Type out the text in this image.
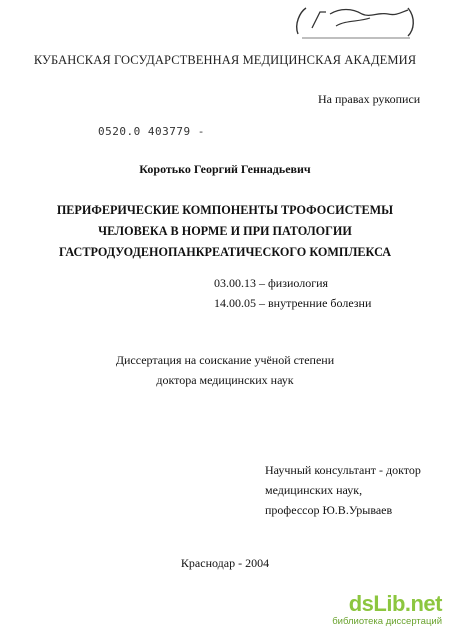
КУБАНСКАЯ ГОСУДАРСТВЕННАЯ МЕДИЦИНСКАЯ АКАДЕМИЯ
На правах рукописи
0520.0 403779 -
Коротько Георгий Геннадьевич
ПЕРИФЕРИЧЕСКИЕ КОМПОНЕНТЫ ТРОФОСИСТЕМЫ
ЧЕЛОВЕКА В НОРМЕ И ПРИ ПАТОЛОГИИ
ГАСТРОДУОДЕНОПАНКРЕАТИЧЕСКОГО КОМПЛЕКСА
03.00.13 – физиология
14.00.05 – внутренние болезни
Диссертация на соискание учёной степени
доктора медицинских наук
Научный консультант - доктор
медицинских наук,
профессор Ю.В.Урываев
Краснодар - 2004
dsLib.net
библиотека диссертаций
